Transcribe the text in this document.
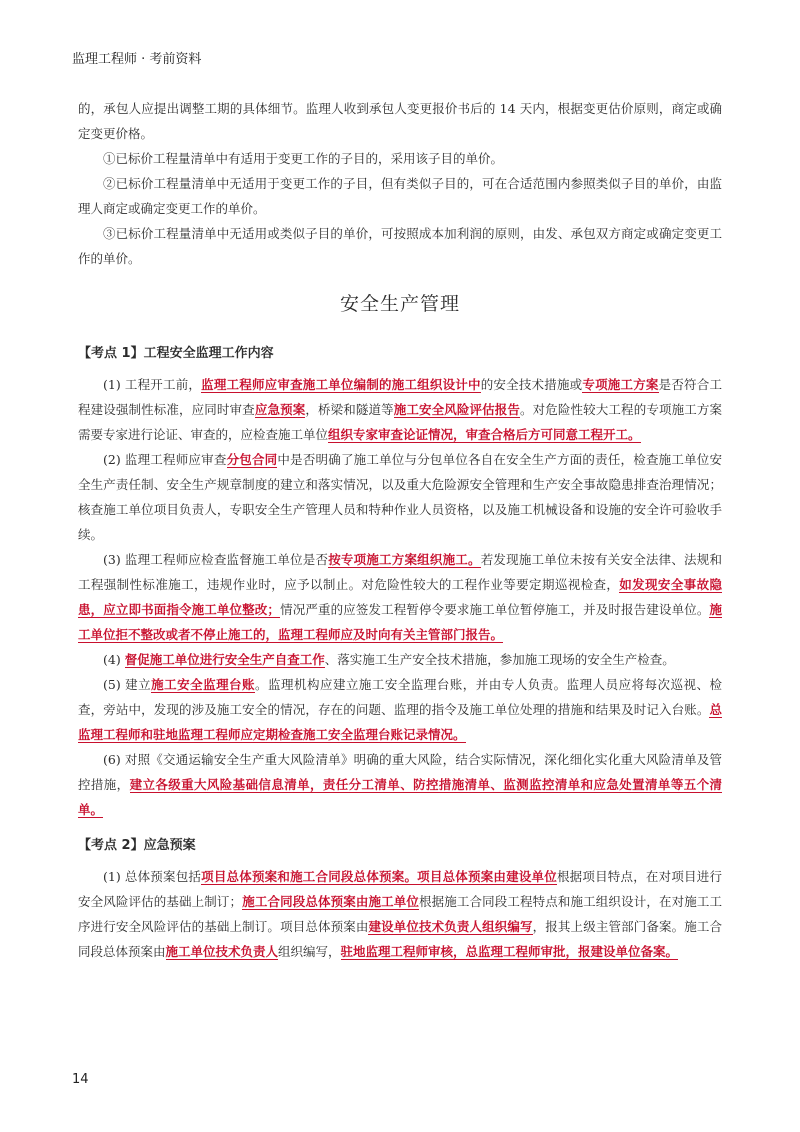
监理工程师 · 考前资料

的，承包人应提出调整工期的具体细节。监理人收到承包人变更报价书后的 14 天内，根据变更估价原则，商定或确定变更价格。

①已标价工程量清单中有适用于变更工作的子目的，采用该子目的单价。

②已标价工程量清单中无适用于变更工作的子目，但有类似子目的，可在合适范围内参照类似子目的单价，由监理人商定或确定变更工作的单价。

③已标价工程量清单中无适用或类似子目的单价，可按照成本加利润的原则，由发、承包双方商定或确定变更工作的单价。

安全生产管理
【考点 1】工程安全监理工作内容

(1) 工程开工前，监理工程师应审查施工单位编制的施工组织设计中的安全技术措施或专项施工方案是否符合工程建设强制性标准，应同时审查应急预案，桥梁和隧道等施工安全风险评估报告。对危险性较大工程的专项施工方案需要专家进行论证、审查的，应检查施工单位组织专家审查论证情况，审查合格后方可同意工程开工。

(2) 监理工程师应审查分包合同中是否明确了施工单位与分包单位各自在安全生产方面的责任，检查施工单位安全生产责任制、安全生产规章制度的建立和落实情况，以及重大危险源安全管理和生产安全事故隐患排查治理情况；核查施工单位项目负责人，专职安全生产管理人员和特种作业人员资格，以及施工机械设备和设施的安全许可验收手续。

(3) 监理工程师应检查监督施工单位是否按专项施工方案组织施工。若发现施工单位未按有关安全法律、法规和工程强制性标准施工，违规作业时，应予以制止。对危险性较大的工程作业等要定期巡视检查，如发现安全事故隐患，应立即书面指令施工单位整改；情况严重的应签发工程暂停令要求施工单位暂停施工，并及时报告建设单位。施工单位拒不整改或者不停止施工的，监理工程师应及时向有关主管部门报告。

(4) 督促施工单位进行安全生产自查工作、落实施工生产安全技术措施，参加施工现场的安全生产检查。

(5) 建立施工安全监理台账。监理机构应建立施工安全监理台账，并由专人负责。监理人员应将每次巡视、检查，旁站中，发现的涉及施工安全的情况，存在的问题、监理的指令及施工单位处理的措施和结果及时记入台账。总监理工程师和驻地监理工程师应定期检查施工安全监理台账记录情况。

(6) 对照《交通运输安全生产重大风险清单》明确的重大风险，结合实际情况，深化细化实化重大风险清单及管控措施，建立各级重大风险基础信息清单，责任分工清单、防控措施清单、监测监控清单和应急处置清单等五个清单。

【考点 2】应急预案

(1) 总体预案包括项目总体预案和施工合同段总体预案。项目总体预案由建设单位根据项目特点，在对项目进行安全风险评估的基础上制订；施工合同段总体预案由施工单位根据施工合同段工程特点和施工组织设计，在对施工工序进行安全风险评估的基础上制订。项目总体预案由建设单位技术负责人组织编写，报其上级主管部门备案。施工合同段总体预案由施工单位技术负责人组织编写，驻地监理工程师审核，总监理工程师审批，报建设单位备案。

14
